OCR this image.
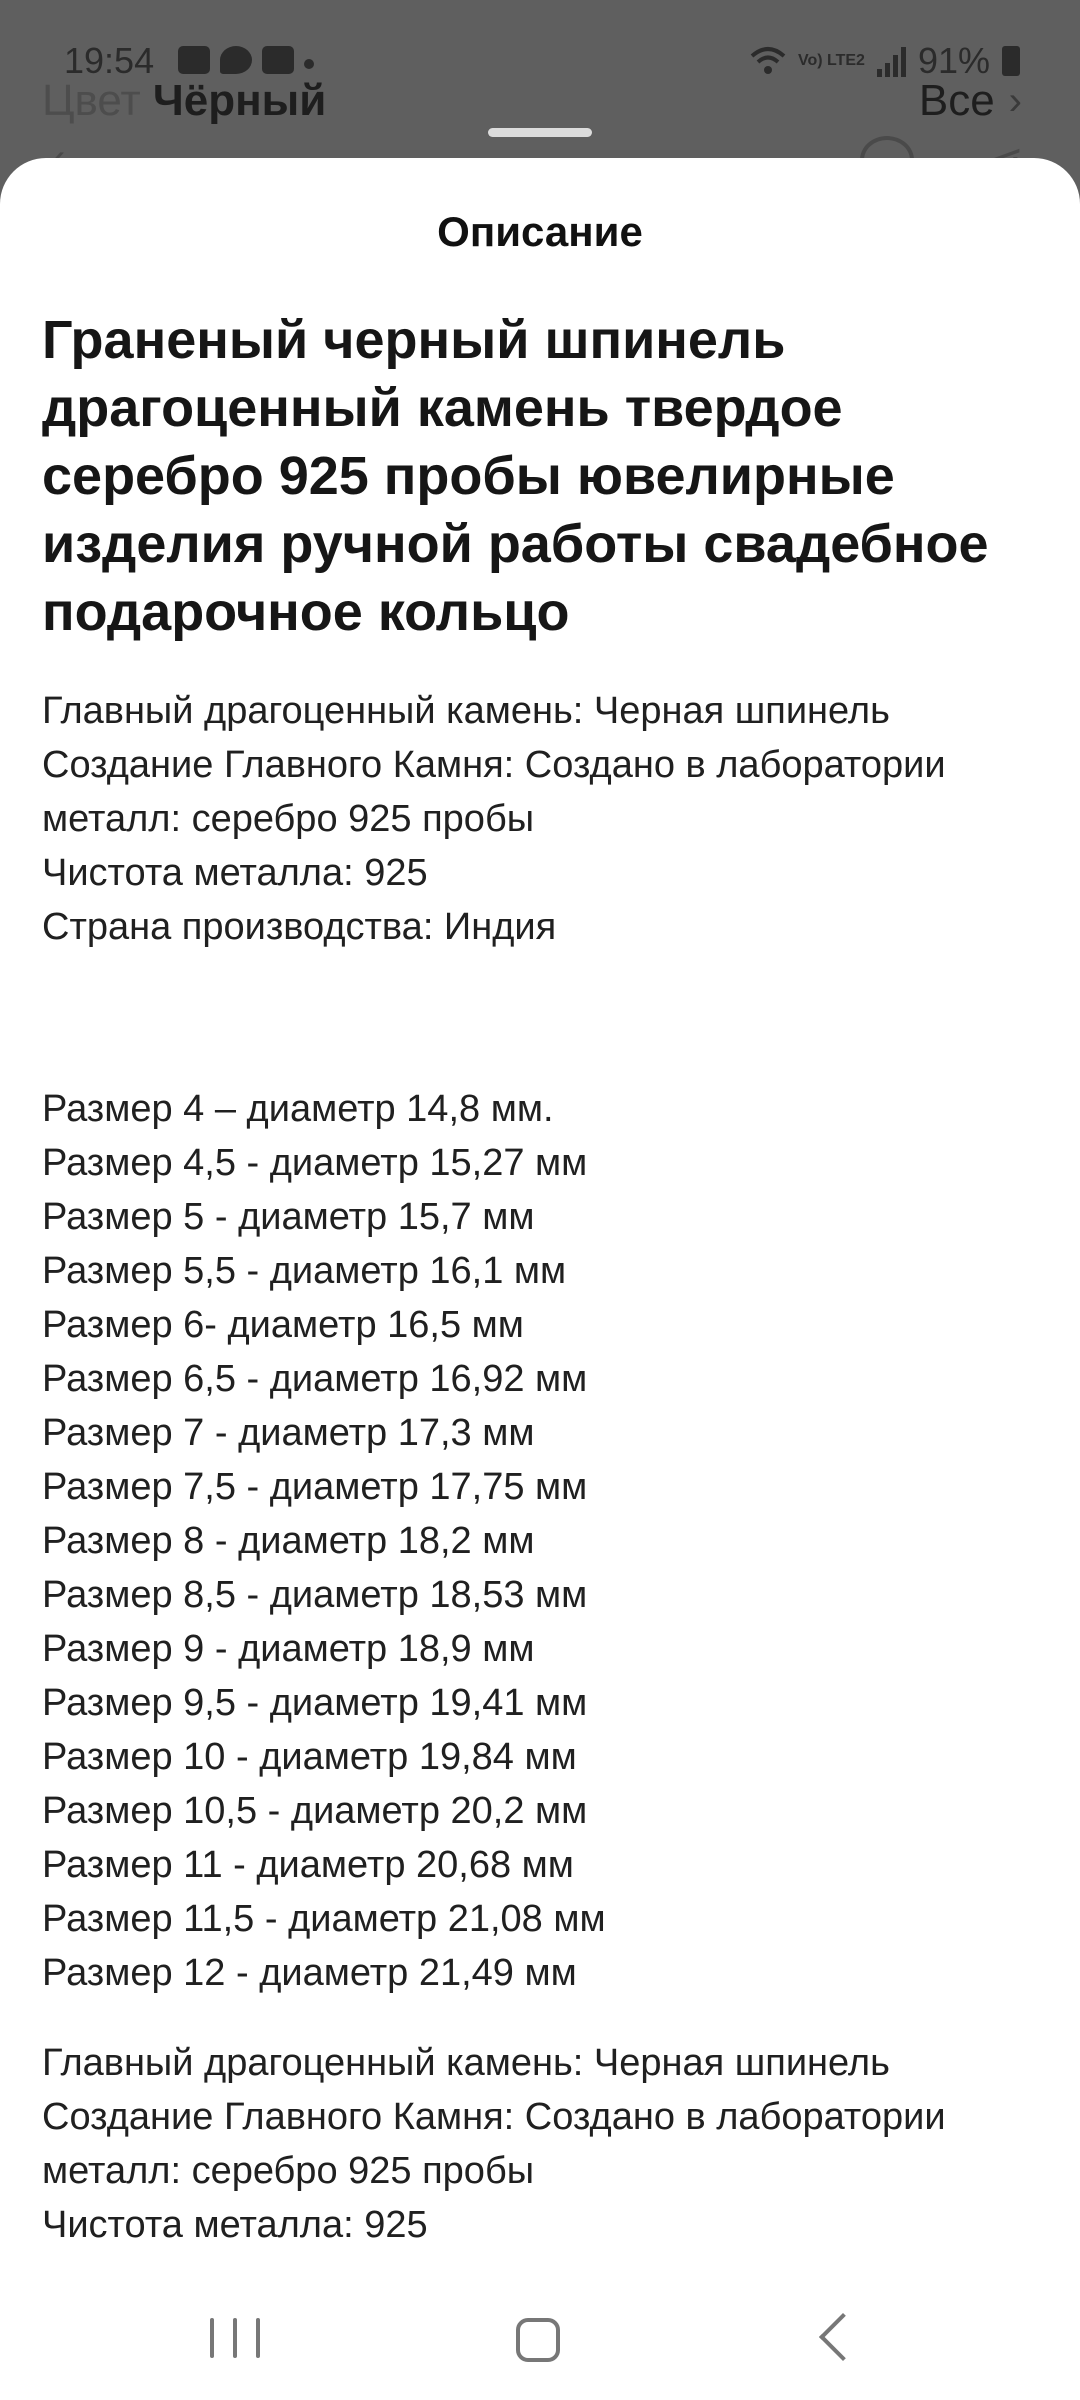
19:54	Vo) LTE2 91%
Цвет Чёрный	Все ›
Описание
Граненый черный шпинель драгоценный камень твердое серебро 925 пробы ювелирные изделия ручной работы свадебное подарочное кольцо
Главный драгоценный камень: Черная шпинель
Создание Главного Камня: Создано в лаборатории
металл: серебро 925 пробы
Чистота металла: 925
Страна производства: Индия
Размер 4 – диаметр 14,8 мм.
Размер 4,5 - диаметр 15,27 мм
Размер 5 - диаметр 15,7 мм
Размер 5,5 - диаметр 16,1 мм
Размер 6- диаметр 16,5 мм
Размер 6,5 - диаметр 16,92 мм
Размер 7 - диаметр 17,3 мм
Размер 7,5 - диаметр 17,75 мм
Размер 8 - диаметр 18,2 мм
Размер 8,5 - диаметр 18,53 мм
Размер 9 - диаметр 18,9 мм
Размер 9,5 - диаметр 19,41 мм
Размер 10 - диаметр 19,84 мм
Размер 10,5 - диаметр 20,2 мм
Размер 11 - диаметр 20,68 мм
Размер 11,5 - диаметр 21,08 мм
Размер 12 - диаметр 21,49 мм
Главный драгоценный камень: Черная шпинель
Создание Главного Камня: Создано в лаборатории
металл: серебро 925 пробы
Чистота металла: 925
